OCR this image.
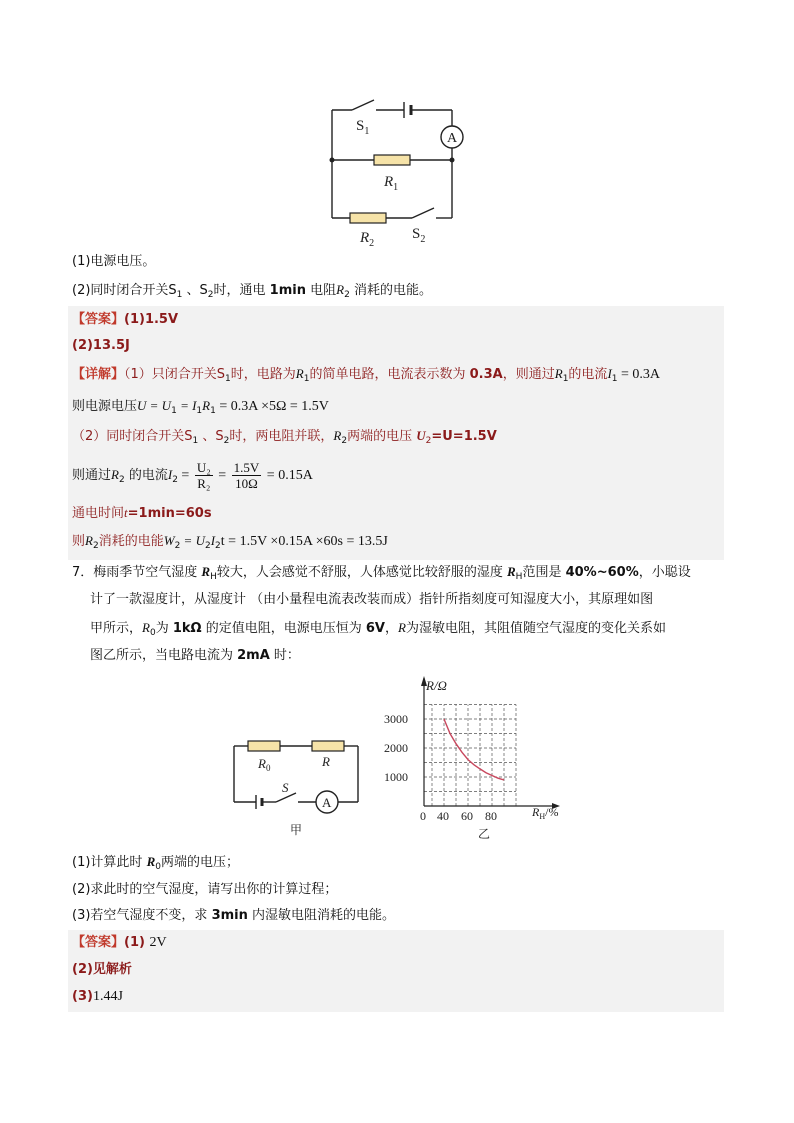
A
$S_1$
$R_1$
$R_2$
$S_2$
(1)电源电压。
(2)同时闭合开关$S_1$ 、$S_2$时，通电 1min 电阻$R_2$ 消耗的电能。
【答案】(1)1.5V
(2)13.5J
【详解】（1）只闭合开关$S_1$时，电路为$R_1$的简单电路，电流表示数为 0.3A，则通过$R_1$的电流$I_1 = 0.3A$
则电源电压$U = U_1 = I_1R_1 = 0.3A \times 5\Omega = 1.5V$
（2）同时闭合开关$S_1$ 、$S_2$时，两电阻并联，$R_2$两端的电压 $U_2=U=1.5V$
则通过$R_2$ 的电流$I_2 = \frac{\text{U₂}}{\text{R₂}} = \frac{1.5V}{10\Omega} = 0.15A$
通电时间t=1min=60s
则$R_2$消耗的电能$W_2 = U_2I_2t = 1.5V \times 0.15A \times 60s = 13.5J$
7．梅雨季节空气湿度 $R_H$较大，人会感觉不舒服，人体感觉比较舒服的湿度 $R_H$范围是 40%~60%，小聪设
计了一款湿度计，从湿度计 （由小量程电流表改装而成）指针所指刻度可知湿度大小，其原理如图
甲所示，$R_0$为 1kΩ 的定值电阻，电源电压恒为 6V，R为湿敏电阻，其阻值随空气湿度的变化关系如
图乙所示，当电路电流为 2mA 时：
A
$R_0$	R
S
甲
0 40 60 80
1000
2000
3000
R/Ω
$R_H/\%$
乙
(1)计算此时 $R_0$两端的电压；
(2)求此时的空气湿度，请写出你的计算过程；
(3)若空气湿度不变，求 3min 内湿敏电阻消耗的电能。
【答案】(1) 2V
(2)见解析
(3)1.44J
